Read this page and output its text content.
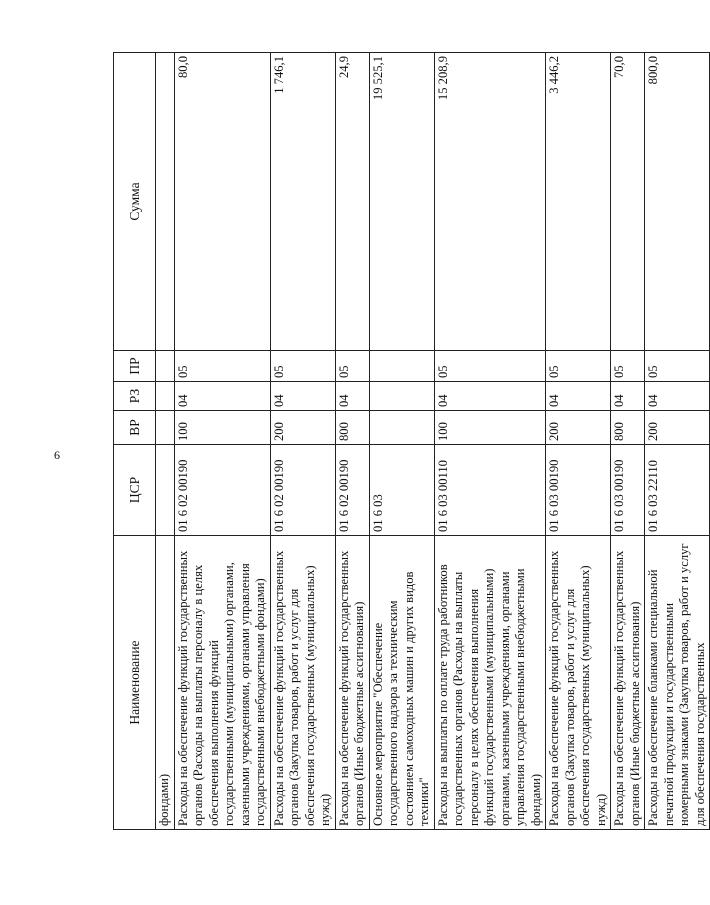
6
Наименование	ЦСР	ВР	РЗ	ПР	Сумма
фондами)					
Расходы на обеспечение функций государственных органов (Расходы на выплаты персоналу в целях обеспечения выполнения функций государственными (муниципальными) органами, казенными учреждениями, органами управления государственными внебюджетными фондами)	01 6 02 00190	100	04	05	80,0
Расходы на обеспечение функций государственных органов (Закупка товаров, работ и услуг для обеспечения государственных (муниципальных) нужд)	01 6 02 00190	200	04	05	1 746,1
Расходы на обеспечение функций государственных органов (Иные бюджетные ассигнования)	01 6 02 00190	800	04	05	24,9
Основное мероприятие "Обеспечение государственного надзора за техническим состоянием самоходных машин и других видов техники"	01 6 03				19 525,1
Расходы на выплаты по оплате труда работников государственных органов (Расходы на выплаты персоналу в целях обеспечения выполнения функций государственными (муниципальными) органами, казенными учреждениями, органами управления государственными внебюджетными фондами)	01 6 03 00110	100	04	05	15 208,9
Расходы на обеспечение функций государственных органов (Закупка товаров, работ и услуг для обеспечения государственных (муниципальных) нужд)	01 6 03 00190	200	04	05	3 446,2
Расходы на обеспечение функций государственных органов (Иные бюджетные ассигнования)	01 6 03 00190	800	04	05	70,0
Расходы на обеспечение бланками специальной печатной продукции и государственными номерными знаками (Закупка товаров, работ и услуг для обеспечения государственных	01 6 03 22110	200	04	05	800,0
